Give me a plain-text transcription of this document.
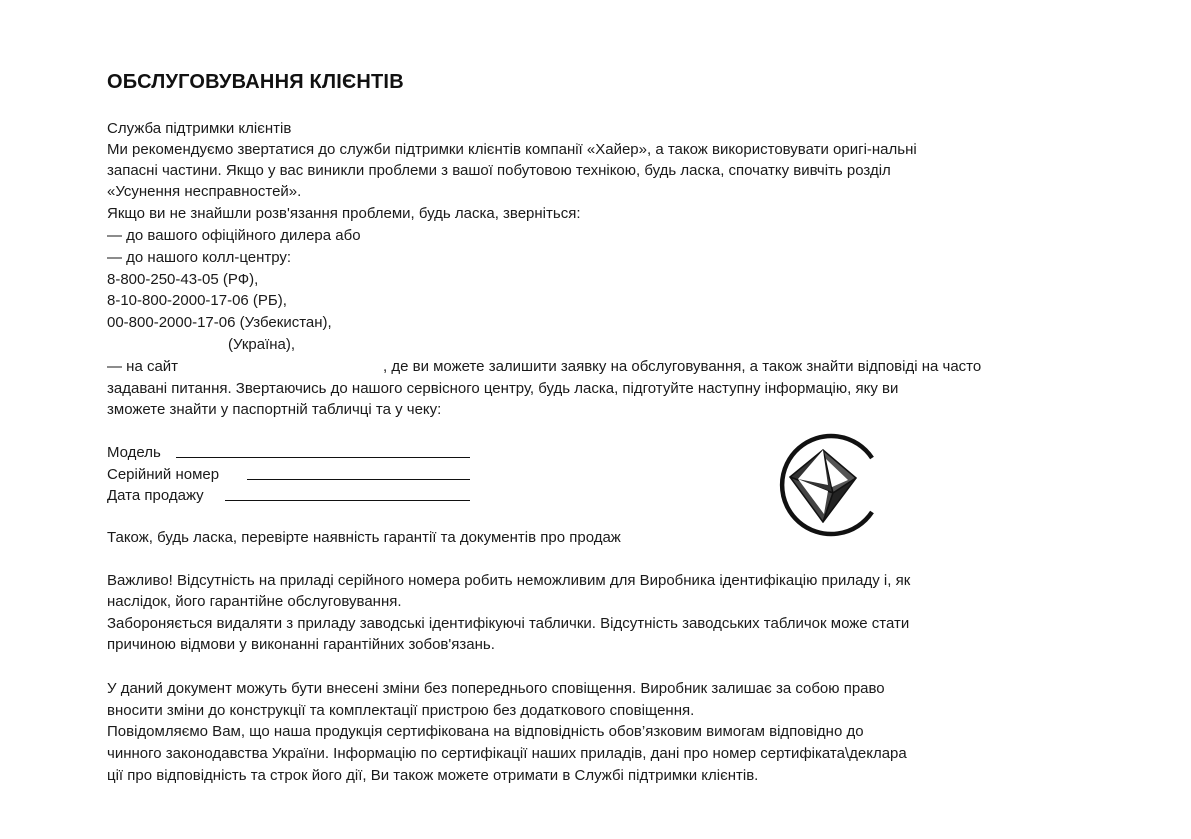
ОБСЛУГОВУВАННЯ КЛІЄНТІВ

Служба підтримки клієнтів

Ми рекомендуємо звертатися до служби підтримки клієнтів компанії «Хайер», а також використовувати оригі-нальні

запасні частини. Якщо у вас виникли проблеми з вашої побутовою технікою, будь ласка, спочатку вивчіть розділ

«Усунення несправностей».

Якщо ви не знайшли розв'язання проблеми, будь ласка, зверніться:

— до вашого офіційного дилера або

— до нашого колл-центру:

8-800-250-43-05 (РФ),

8-10-800-2000-17-06 (РБ),

00-800-2000-17-06 (Узбекистан),

(Україна),

— на сайт	, де ви можете залишити заявку на обслуговування, а також знайти відповіді на часто

задавані питання. Звертаючись до нашого сервісного центру, будь ласка, підготуйте наступну інформацію, яку ви

зможете знайти у паспортній табличці та у чеку:

Модель
Серійний номер
Дата продажу

Також, будь ласка, перевірте наявність гарантії та документів про продаж

Важливо! Відсутність на приладі серійного номера робить неможливим для Виробника ідентифікацію приладу і, як

наслідок, його гарантійне обслуговування.

Забороняється видаляти з приладу заводські ідентифікуючі таблички. Відсутність заводських табличок може стати

причиною відмови у виконанні гарантійних зобов'язань.

У даний документ можуть бути внесені зміни без попереднього сповіщення. Виробник залишає за собою право

вносити зміни до конструкції та комплектації пристрою без додаткового сповіщення.

Повідомляємо Вам, що наша продукція сертифікована на відповідність обов’язковим вимогам відповідно до

чинного законодавства України. Інформацію по сертифікації наших приладів, дані про номер сертифіката\деклара

ції про відповідність та строк його дії, Ви також можете отримати в Службі підтримки клієнтів.
